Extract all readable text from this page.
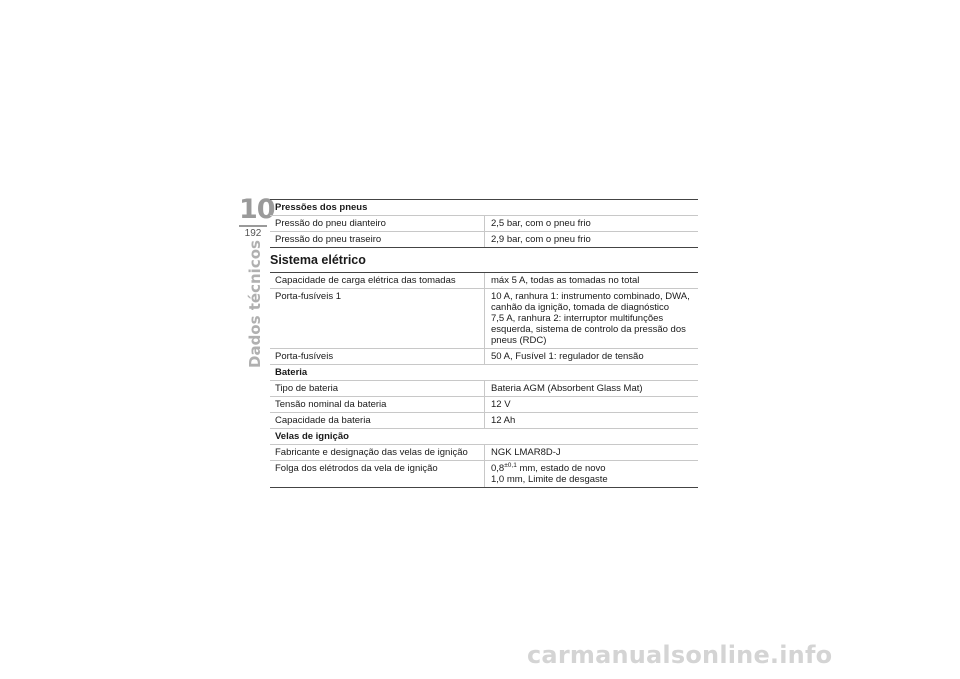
10
192
Dados técnicos
Pressões dos pneus
Pressão do pneu dianteiro	2,5 bar, com o pneu frio
Pressão do pneu traseiro	2,9 bar, com o pneu frio
Sistema elétrico
Capacidade de carga elétrica das tomadas	máx 5 A, todas as tomadas no total
Porta-fusíveis 1	10 A, ranhura 1: instrumento combinado, DWA,
canhão da ignição, tomada de diagnóstico
7,5 A, ranhura 2: interruptor multifunções
esquerda, sistema de controlo da pressão dos
pneus (RDC)
Porta-fusíveis	50 A, Fusível 1: regulador de tensão
Bateria
Tipo de bateria	Bateria AGM (Absorbent Glass Mat)
Tensão nominal da bateria	12 V
Capacidade da bateria	12 Ah
Velas de ignição
Fabricante e designação das velas de ignição	NGK LMAR8D-J
Folga dos elétrodos da vela de ignição	$0,8^{\pm 0,1}$ mm, estado de novo
1,0 mm, Limite de desgaste
carmanualsonline.info
